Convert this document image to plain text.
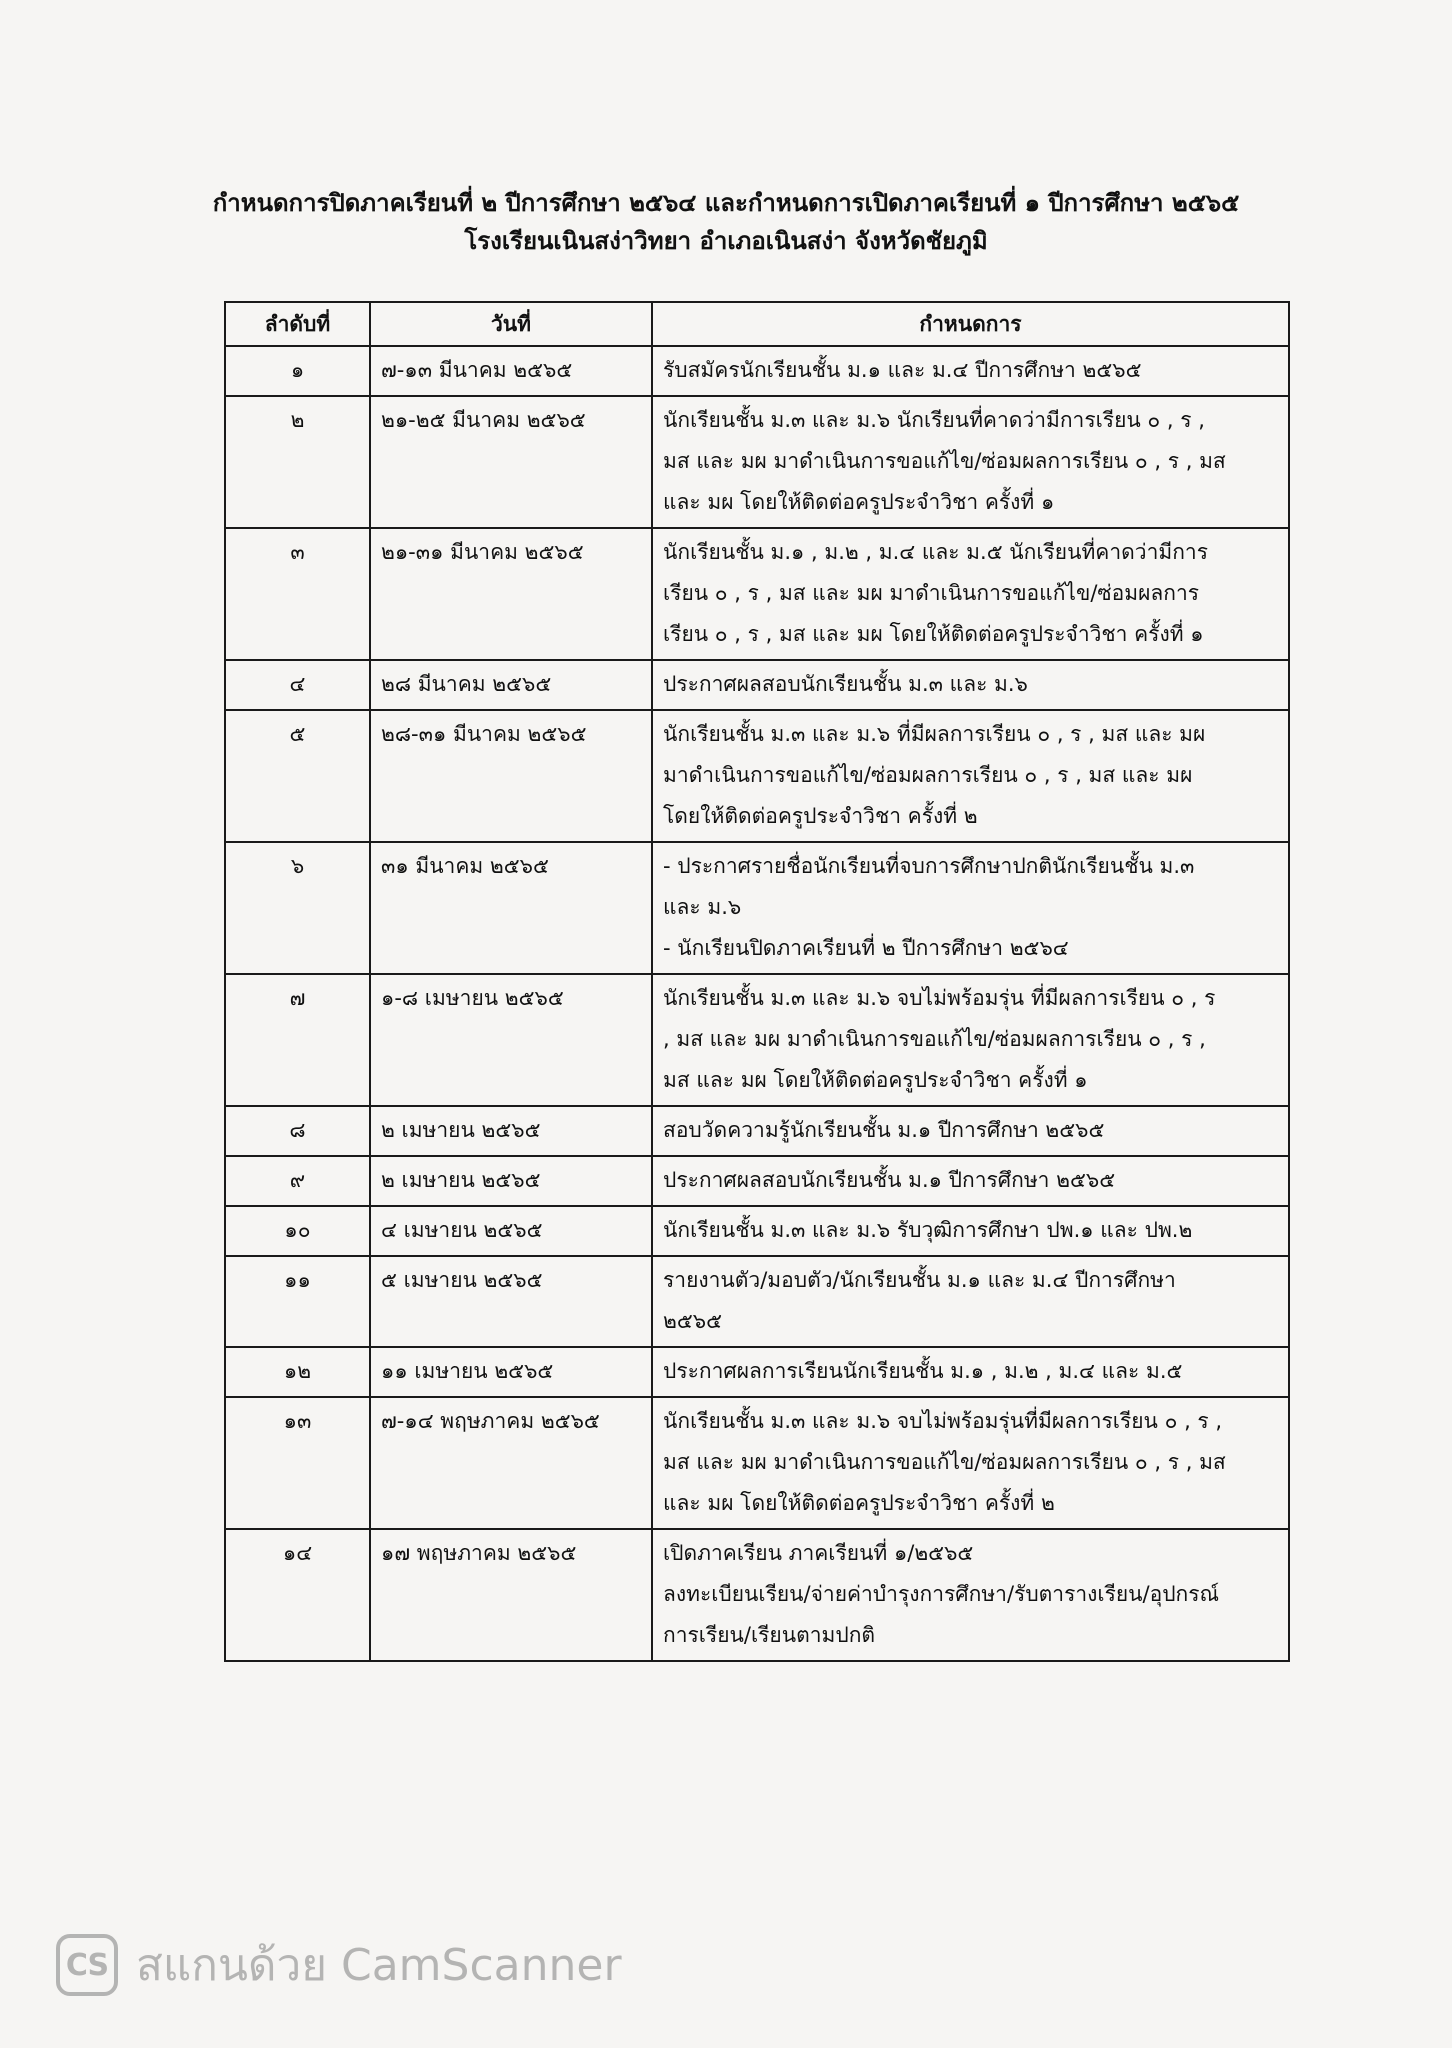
กำหนดการปิดภาคเรียนที่ ๒ ปีการศึกษา ๒๕๖๔ และกำหนดการเปิดภาคเรียนที่ ๑ ปีการศึกษา ๒๕๖๕
โรงเรียนเนินสง่าวิทยา อำเภอเนินสง่า จังหวัดชัยภูมิ
ลำดับที่	วันที่	กำหนดการ
๑	๗-๑๓ มีนาคม ๒๕๖๕	รับสมัครนักเรียนชั้น ม.๑ และ ม.๔ ปีการศึกษา ๒๕๖๕

๒	๒๑-๒๕ มีนาคม ๒๕๖๕	นักเรียนชั้น ม.๓ และ ม.๖ นักเรียนที่คาดว่ามีการเรียน ๐ , ร ,
มส และ มผ มาดำเนินการขอแก้ไข/ซ่อมผลการเรียน ๐ , ร , มส
และ มผ โดยให้ติดต่อครูประจำวิชา ครั้งที่ ๑

๓	๒๑-๓๑ มีนาคม ๒๕๖๕	นักเรียนชั้น ม.๑ , ม.๒ , ม.๔ และ ม.๕ นักเรียนที่คาดว่ามีการ
เรียน ๐ , ร , มส และ มผ มาดำเนินการขอแก้ไข/ซ่อมผลการ
เรียน ๐ , ร , มส และ มผ โดยให้ติดต่อครูประจำวิชา ครั้งที่ ๑

๔	๒๘ มีนาคม ๒๕๖๕	ประกาศผลสอบนักเรียนชั้น ม.๓ และ ม.๖

๕	๒๘-๓๑ มีนาคม ๒๕๖๕	นักเรียนชั้น ม.๓ และ ม.๖ ที่มีผลการเรียน ๐ , ร , มส และ มผ
มาดำเนินการขอแก้ไข/ซ่อมผลการเรียน ๐ , ร , มส และ มผ
โดยให้ติดต่อครูประจำวิชา ครั้งที่ ๒

๖	๓๑ มีนาคม ๒๕๖๕	- ประกาศรายชื่อนักเรียนที่จบการศึกษาปกตินักเรียนชั้น ม.๓
และ ม.๖
- นักเรียนปิดภาคเรียนที่ ๒ ปีการศึกษา ๒๕๖๔

๗	๑-๘ เมษายน ๒๕๖๕	นักเรียนชั้น ม.๓ และ ม.๖ จบไม่พร้อมรุ่น ที่มีผลการเรียน ๐ , ร
, มส และ มผ มาดำเนินการขอแก้ไข/ซ่อมผลการเรียน ๐ , ร ,
มส และ มผ โดยให้ติดต่อครูประจำวิชา ครั้งที่ ๑

๘	๒ เมษายน ๒๕๖๕	สอบวัดความรู้นักเรียนชั้น ม.๑ ปีการศึกษา ๒๕๖๕

๙	๒ เมษายน ๒๕๖๕	ประกาศผลสอบนักเรียนชั้น ม.๑ ปีการศึกษา ๒๕๖๕

๑๐	๔ เมษายน ๒๕๖๕	นักเรียนชั้น ม.๓ และ ม.๖ รับวุฒิการศึกษา ปพ.๑ และ ปพ.๒

๑๑	๕ เมษายน ๒๕๖๕	รายงานตัว/มอบตัว/นักเรียนชั้น ม.๑ และ ม.๔ ปีการศึกษา
๒๕๖๕

๑๒	๑๑ เมษายน ๒๕๖๕	ประกาศผลการเรียนนักเรียนชั้น ม.๑ , ม.๒ , ม.๔ และ ม.๕

๑๓	๗-๑๔ พฤษภาคม ๒๕๖๕	นักเรียนชั้น ม.๓ และ ม.๖ จบไม่พร้อมรุ่นที่มีผลการเรียน ๐ , ร ,
มส และ มผ มาดำเนินการขอแก้ไข/ซ่อมผลการเรียน ๐ , ร , มส
และ มผ โดยให้ติดต่อครูประจำวิชา ครั้งที่ ๒

๑๔	๑๗ พฤษภาคม ๒๕๖๕	เปิดภาคเรียน ภาคเรียนที่ ๑/๒๕๖๕
ลงทะเบียนเรียน/จ่ายค่าบำรุงการศึกษา/รับตารางเรียน/อุปกรณ์
การเรียน/เรียนตามปกติ
CS สแกนด้วย CamScanner
